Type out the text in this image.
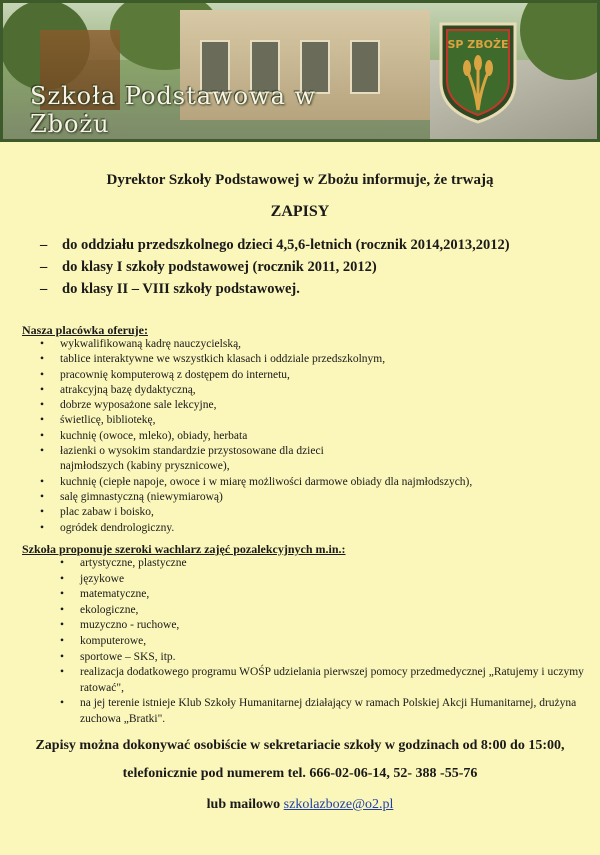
Szkoła Podstawowa w Zbożu
SP ZBOŻE
Dyrektor Szkoły Podstawowej w Zbożu informuje, że trwają
ZAPISY
– do oddziału przedszkolnego dzieci 4,5,6-letnich (rocznik 2014,2013,2012)
– do klasy I szkoły podstawowej (rocznik 2011, 2012)
– do klasy II – VIII szkoły podstawowej.
Nasza placówka oferuje:
•	wykwalifikowaną kadrę nauczycielską,
•	tablice interaktywne we wszystkich klasach i oddziale przedszkolnym,
•	pracownię komputerową z dostępem do internetu,
•	atrakcyjną bazę dydaktyczną,
•	dobrze wyposażone sale lekcyjne,
•	świetlicę, bibliotekę,
•	kuchnię (owoce, mleko), obiady, herbata
•	łazienki o wysokim standardzie przystosowane dla dzieci najmłodszych (kabiny prysznicowe),
•	kuchnię (ciepłe napoje, owoce i w miarę możliwości darmowe obiady dla najmłodszych),
•	salę gimnastyczną (niewymiarową)
•	plac zabaw i boisko,
•	ogródek dendrologiczny.
Szkoła proponuje szeroki wachlarz zajęć pozalekcyjnych m.in.:
•	artystyczne, plastyczne
•	językowe
•	matematyczne,
•	ekologiczne,
•	muzyczno - ruchowe,
•	komputerowe,
•	sportowe – SKS, itp.
•	realizacja dodatkowego programu WOŚP udzielania pierwszej pomocy przedmedycznej „Ratujemy i uczymy ratować",
•	na jej terenie istnieje Klub Szkoły Humanitarnej działający w ramach Polskiej Akcji Humanitarnej, drużyna zuchowa „Bratki".
Zapisy można dokonywać osobiście w sekretariacie szkoły w godzinach od 8:00 do 15:00,
telefonicznie pod numerem tel. 666-02-06-14, 52- 388 -55-76
lub mailowo szkolazboze@o2.pl
